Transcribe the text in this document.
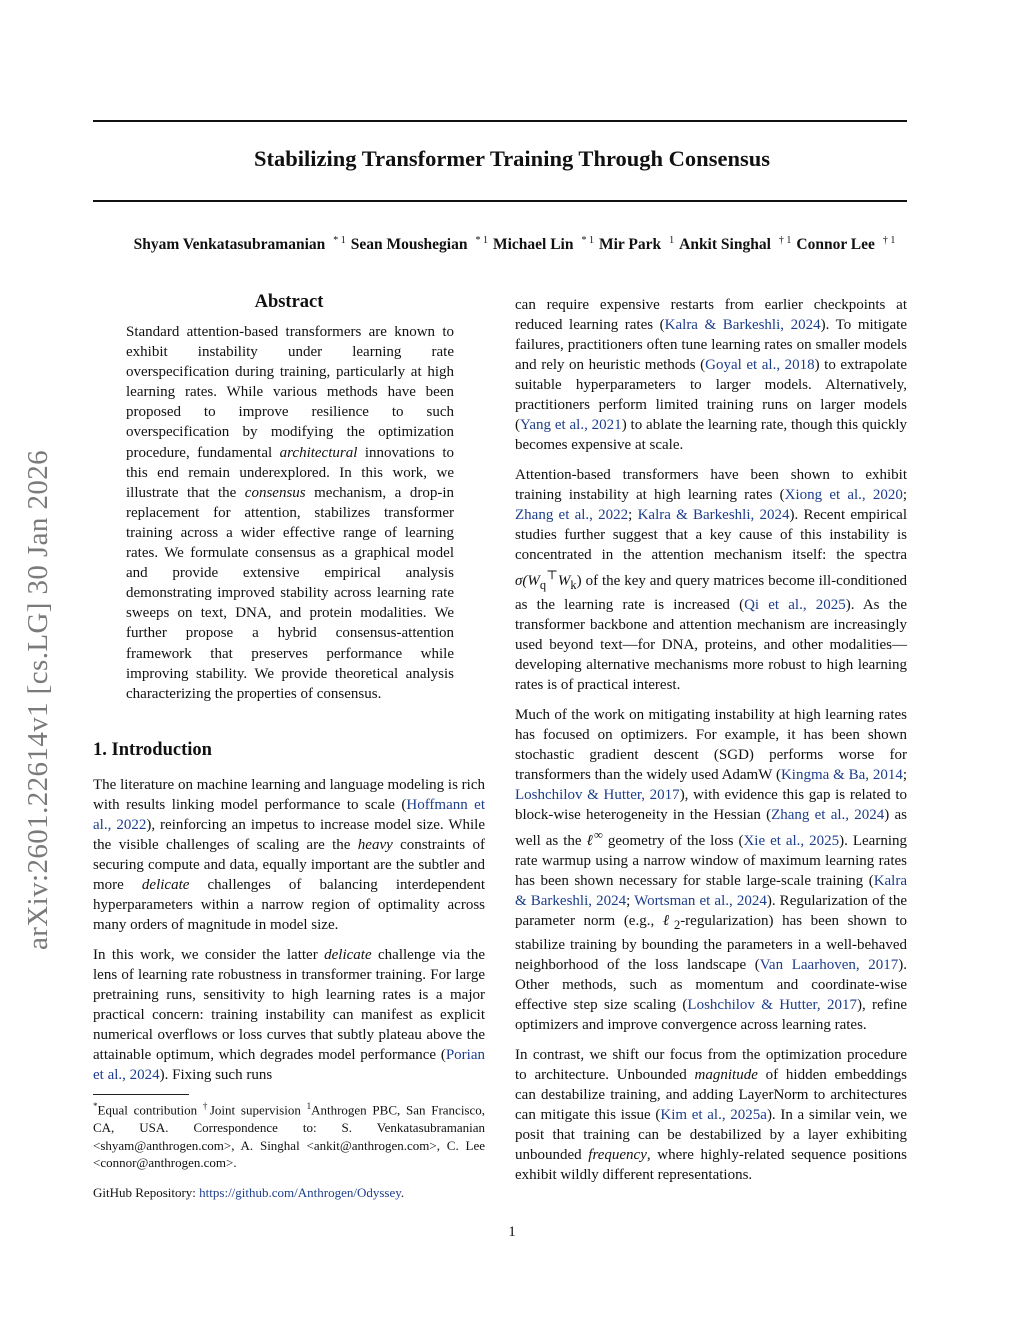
Stabilizing Transformer Training Through Consensus
Shyam Venkatasubramanian $^{* 1}$ Sean Moushegian $^{* 1}$ Michael Lin $^{* 1}$ Mir Park $^1$ Ankit Singhal $^{\dagger 1}$ Connor Lee $^{\dagger 1}$
arXiv:2601.22614v1 [cs.LG] 30 Jan 2026
Abstract

Standard attention-based transformers are known to exhibit instability under learning rate overspecification during training, particularly at high learning rates. While various methods have been proposed to improve resilience to such overspecification by modifying the optimization procedure, fundamental architectural innovations to this end remain underexplored. In this work, we illustrate that the consensus mechanism, a drop-in replacement for attention, stabilizes transformer training across a wider effective range of learning rates. We formulate consensus as a graphical model and provide extensive empirical analysis demonstrating improved stability across learning rate sweeps on text, DNA, and protein modalities. We further propose a hybrid consensus-attention framework that preserves performance while improving stability. We provide theoretical analysis characterizing the properties of consensus.

1. Introduction

The literature on machine learning and language modeling is rich with results linking model performance to scale (Hoffmann et al., 2022), reinforcing an impetus to increase model size. While the visible challenges of scaling are the heavy constraints of securing compute and data, equally important are the subtler and more delicate challenges of balancing interdependent hyperparameters within a narrow region of optimality across many orders of magnitude in model size.

In this work, we consider the latter delicate challenge via the lens of learning rate robustness in transformer training. For large pretraining runs, sensitivity to high learning rates is a major practical concern: training instability can manifest as explicit numerical overflows or loss curves that subtly plateau above the attainable optimum, which degrades model performance (Porian et al., 2024). Fixing such runs

can require expensive restarts from earlier checkpoints at reduced learning rates (Kalra & Barkeshli, 2024). To mitigate failures, practitioners often tune learning rates on smaller models and rely on heuristic methods (Goyal et al., 2018) to extrapolate suitable hyperparameters to larger models. Alternatively, practitioners perform limited training runs on larger models (Yang et al., 2021) to ablate the learning rate, though this quickly becomes expensive at scale.

Attention-based transformers have been shown to exhibit training instability at high learning rates (Xiong et al., 2020; Zhang et al., 2022; Kalra & Barkeshli, 2024). Recent empirical studies further suggest that a key cause of this instability is concentrated in the attention mechanism itself: the spectra $\sigma(W_q^⊤W_k)$ of the key and query matrices become ill-conditioned as the learning rate is increased (Qi et al., 2025). As the transformer backbone and attention mechanism are increasingly used beyond text—for DNA, proteins, and other modalities—developing alternative mechanisms more robust to high learning rates is of practical interest.

Much of the work on mitigating instability at high learning rates has focused on optimizers. For example, it has been shown stochastic gradient descent (SGD) performs worse for transformers than the widely used AdamW (Kingma & Ba, 2014; Loshchilov & Hutter, 2017), with evidence this gap is related to block-wise heterogeneity in the Hessian (Zhang et al., 2024) as well as the ℓ∞ geometry of the loss (Xie et al., 2025). Learning rate warmup using a narrow window of maximum learning rates has been shown necessary for stable large-scale training (Kalra & Barkeshli, 2024; Wortsman et al., 2024). Regularization of the parameter norm (e.g., ℓ$_2$-regularization) has been shown to stabilize training by bounding the parameters in a well-behaved neighborhood of the loss landscape (Van Laarhoven, 2017). Other methods, such as momentum and coordinate-wise effective step size scaling (Loshchilov & Hutter, 2017), refine optimizers and improve convergence across learning rates.

In contrast, we shift our focus from the optimization procedure to architecture. Unbounded magnitude of hidden embeddings can destabilize training, and adding LayerNorm to architectures can mitigate this issue (Kim et al., 2025a). In a similar vein, we posit that training can be destabilized by a layer exhibiting unbounded frequency, where highly-related sequence positions exhibit wildly different representations.

*Equal contribution †Joint supervision $^1$Anthrogen PBC, San Francisco, CA, USA. Correspondence to: S. Venkatasubramanian <shyam@anthrogen.com>, A. Singhal <ankit@anthrogen.com>, C. Lee <connor@anthrogen.com>.

GitHub Repository: https://github.com/Anthrogen/Odyssey.

1
